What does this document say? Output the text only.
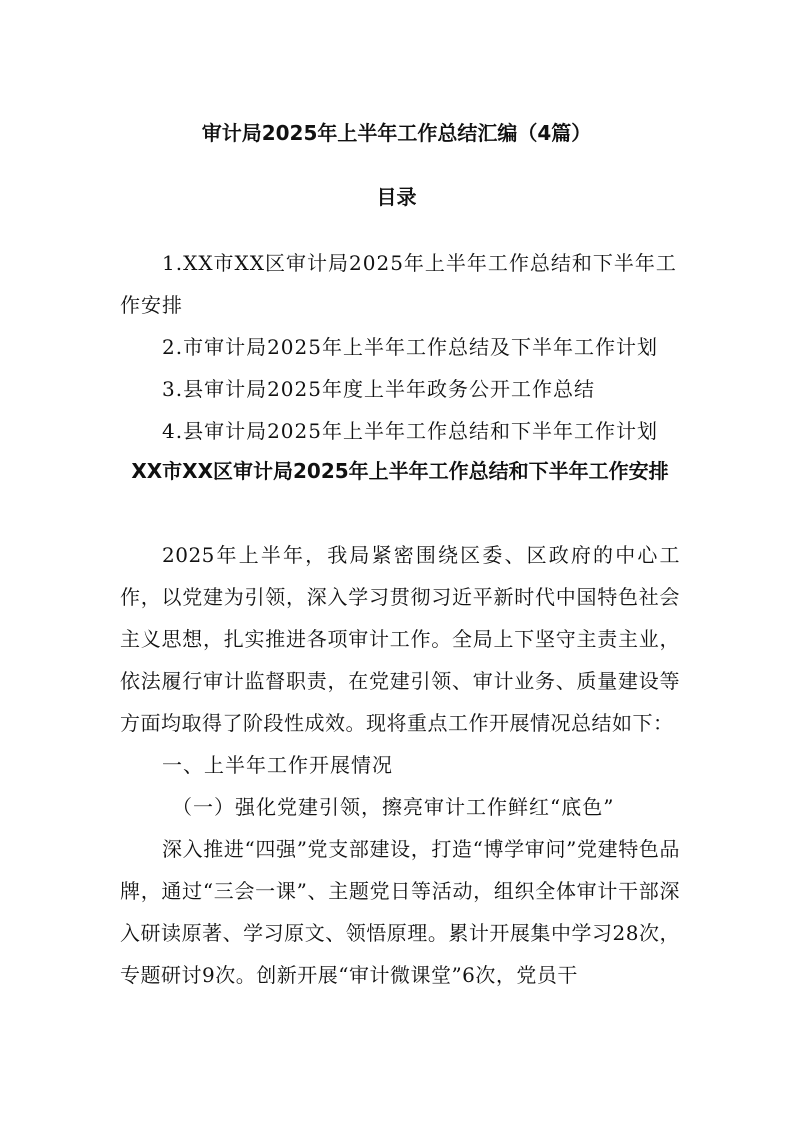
审计局2025年上半年工作总结汇编（4篇）
目录
1.XX市XX区审计局2025年上半年工作总结和下半年工作安排
2.市审计局2025年上半年工作总结及下半年工作计划
3.县审计局2025年度上半年政务公开工作总结
4.县审计局2025年上半年工作总结和下半年工作计划
XX市XX区审计局2025年上半年工作总结和下半年工作安排

2025年上半年，我局紧密围绕区委、区政府的中心工作，以党建为引领，深入学习贯彻习近平新时代中国特色社会主义思想，扎实推进各项审计工作。全局上下坚守主责主业，依法履行审计监督职责，在党建引领、审计业务、质量建设等方面均取得了阶段性成效。现将重点工作开展情况总结如下：

一、上半年工作开展情况

（一）强化党建引领，擦亮审计工作鲜红“底色”

深入推进“四强”党支部建设，打造“博学审问”党建特色品牌，通过“三会一课”、主题党日等活动，组织全体审计干部深入研读原著、学习原文、领悟原理。累计开展集中学习28次，专题研讨9次。创新开展“审计微课堂”6次，党员干
